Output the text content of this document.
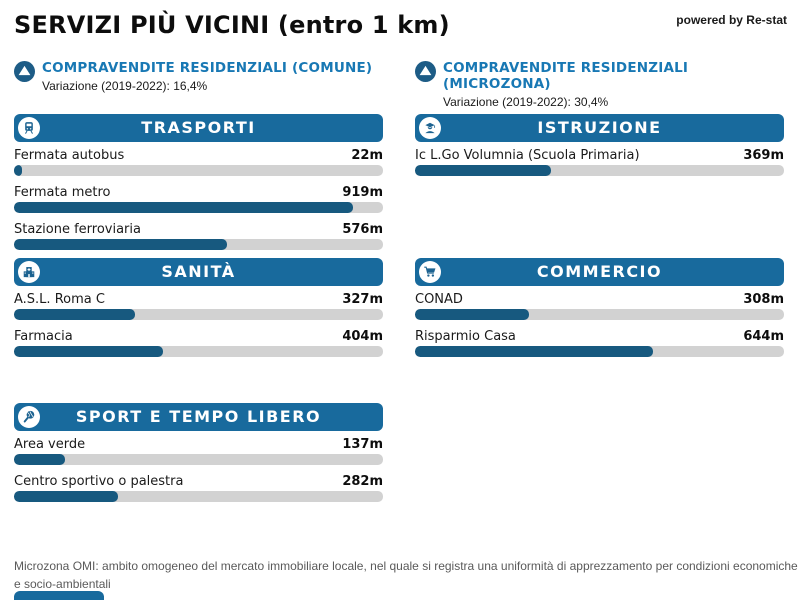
SERVIZI PIÙ VICINI (entro 1 km)	powered by Re-stat
COMPRAVENDITE RESIDENZIALI (COMUNE)
Variazione (2019-2022): 16,4%
COMPRAVENDITE RESIDENZIALI (MICROZONA)
Variazione (2019-2022): 30,4%
TRASPORTI
Fermata autobus	22m
Fermata metro	919m
Stazione ferroviaria	576m
SANITÀ
A.S.L. Roma C	327m
Farmacia	404m
SPORT E TEMPO LIBERO
Area verde	137m
Centro sportivo o palestra	282m
ISTRUZIONE
Ic L.Go Volumnia (Scuola Primaria)	369m
COMMERCIO
CONAD	308m
Risparmio Casa	644m
Microzona OMI: ambito omogeneo del mercato immobiliare locale, nel quale si registra una uniformità di apprezzamento per condizioni economiche e socio-ambientali
